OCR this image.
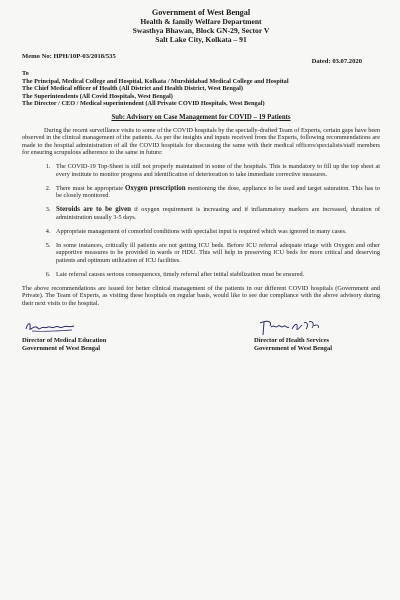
Government of West Bengal
Health & family Welfare Department
Swasthya Bhawan, Block GN-29, Sector V
Salt Lake City, Kolkata – 91
Memo No: HPH/10P-03/2018/535
Dated: 03.07.2020
To
The Principal, Medical College and Hospital, Kolkata / Murshidabad Medical College and Hospital
The Chief Medical officer of Health (All District and Health District, West Bengal)
The Superintendents (All Covid Hospitals, West Bengal)
The Director / CEO / Medical superintendent (All Private COVID Hospitals, West Bengal)
Sub: Advisory on Case Management for COVID – 19 Patients

During the recent surveillance visits to some of the COVID hospitals by the specially-drafted Team of Experts, certain gaps have been observed in the clinical management of the patients. As per the insights and inputs received from the Experts, following recommendations are made to the hospital administration of all the COVID hospitals for discussing the same with their medical officers/specialists/staff members for ensuring scrupulous adherence to the same in future:

1. The COVID-19 Top-Sheet is still not properly maintained in some of the hospitals. This is mandatory to fill up the top sheet at every institute to monitor progress and identification of deterioration to take immediate corrective measures.
2. There must be appropriate Oxygen prescription mentioning the dose, appliance to be used and target saturation. This has to be closely monitored.
3. Steroids are to be given if oxygen requirement is increasing and if inflammatory markers are increased, duration of administration usually 3-5 days.
4. Appropriate management of comorbid conditions with specialist input is required which was ignored in many cases.
5. In some instances, critically ill patients are not getting ICU beds. Before ICU referral adequate triage with Oxygen and other supportive measures to be provided in wards or HDU. This will help in preserving ICU beds for more critical and deserving patients and optimum utilization of ICU facilities.
6. Late referral causes serious consequences, timely referral after initial stabilization must be ensured.

The above recommendations are issued for better clinical management of the patients in our different COVID hospitals (Government and Private). The Team of Experts, as visiting these hospitals on regular basis, would like to see due compliance with the above advisory during their next visits to the hospital.

Director of Medical Education
Government of West Bengal
Director of Health Services
Government of West Bengal
